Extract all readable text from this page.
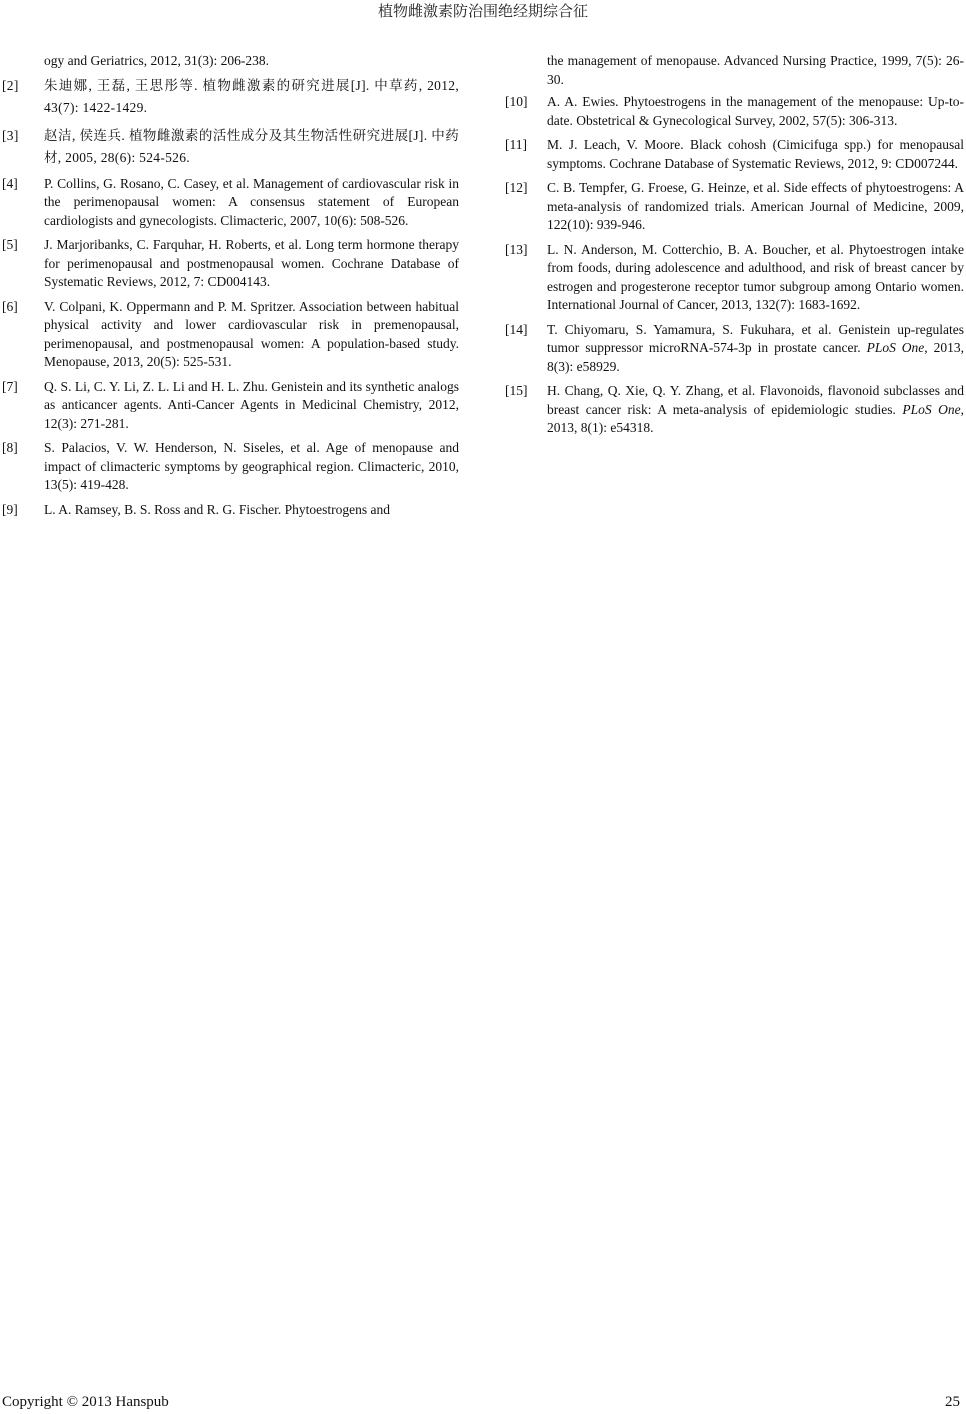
植物雌激素防治围绝经期综合征
ogy and Geriatrics, 2012, 31(3): 206-238.
[2] 朱迪娜, 王磊, 王思彤等. 植物雌激素的研究进展[J]. 中草药, 2012, 43(7): 1422-1429.
[3] 赵洁, 侯连兵. 植物雌激素的活性成分及其生物活性研究进展[J]. 中药材, 2005, 28(6): 524-526.
[4] P. Collins, G. Rosano, C. Casey, et al. Management of cardiovascular risk in the perimenopausal women: A consensus statement of European cardiologists and gynecologists. Climacteric, 2007, 10(6): 508-526.
[5] J. Marjoribanks, C. Farquhar, H. Roberts, et al. Long term hormone therapy for perimenopausal and postmenopausal women. Cochrane Database of Systematic Reviews, 2012, 7: CD004143.
[6] V. Colpani, K. Oppermann and P. M. Spritzer. Association between habitual physical activity and lower cardiovascular risk in premenopausal, perimenopausal, and postmenopausal women: A population-based study. Menopause, 2013, 20(5): 525-531.
[7] Q. S. Li, C. Y. Li, Z. L. Li and H. L. Zhu. Genistein and its synthetic analogs as anticancer agents. Anti-Cancer Agents in Medicinal Chemistry, 2012, 12(3): 271-281.
[8] S. Palacios, V. W. Henderson, N. Siseles, et al. Age of menopause and impact of climacteric symptoms by geographical region. Climacteric, 2010, 13(5): 419-428.
[9] L. A. Ramsey, B. S. Ross and R. G. Fischer. Phytoestrogens and
the management of menopause. Advanced Nursing Practice, 1999, 7(5): 26-30.
[10] A. A. Ewies. Phytoestrogens in the management of the menopause: Up-to-date. Obstetrical & Gynecological Survey, 2002, 57(5): 306-313.
[11] M. J. Leach, V. Moore. Black cohosh (Cimicifuga spp.) for menopausal symptoms. Cochrane Database of Systematic Reviews, 2012, 9: CD007244.
[12] C. B. Tempfer, G. Froese, G. Heinze, et al. Side effects of phytoestrogens: A meta-analysis of randomized trials. American Journal of Medicine, 2009, 122(10): 939-946.
[13] L. N. Anderson, M. Cotterchio, B. A. Boucher, et al. Phytoestrogen intake from foods, during adolescence and adulthood, and risk of breast cancer by estrogen and progesterone receptor tumor subgroup among Ontario women. International Journal of Cancer, 2013, 132(7): 1683-1692.
[14] T. Chiyomaru, S. Yamamura, S. Fukuhara, et al. Genistein up-regulates tumor suppressor microRNA-574-3p in prostate cancer. PLoS One, 2013, 8(3): e58929.
[15] H. Chang, Q. Xie, Q. Y. Zhang, et al. Flavonoids, flavonoid subclasses and breast cancer risk: A meta-analysis of epidemiologic studies. PLoS One, 2013, 8(1): e54318.
Copyright © 2013 Hanspub	25
